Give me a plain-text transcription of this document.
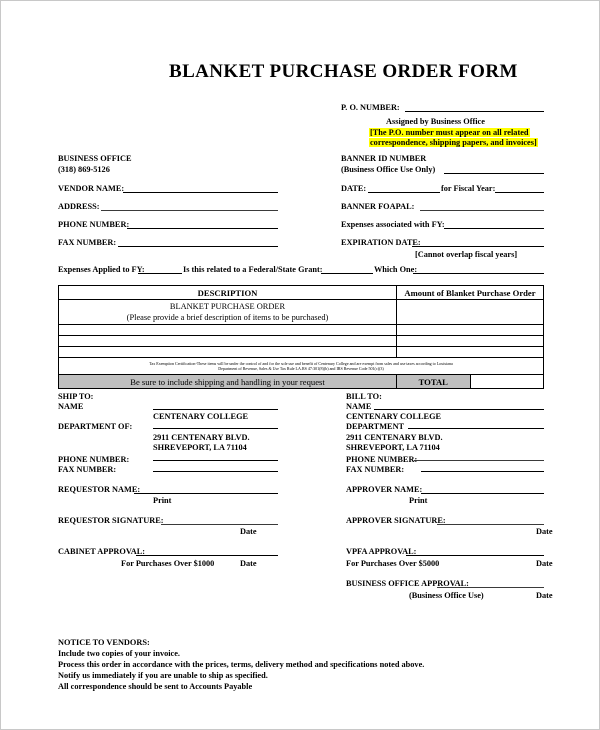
BLANKET PURCHASE ORDER FORM
P. O. NUMBER:
Assigned by Business Office
[The P.O. number must appear on all related
correspondence, shipping papers, and invoices]
BUSINESS OFFICE
(318) 869-5126
BANNER ID NUMBER
(Business Office Use Only)
VENDOR NAME:	DATE:	for Fiscal Year:
ADDRESS:	BANNER FOAPAL:
PHONE NUMBER:	Expenses associated with FY:
FAX NUMBER:	EXPIRATION DATE:
[Cannot overlap fiscal years]
Expenses Applied to FY:	Is this related to a Federal/State Grant:	Which One:
DESCRIPTION	Amount of Blanket Purchase Order	

BLANKET PURCHASE ORDER
(Please provide a brief description of items to be purchased)		

Tax Exemption Certification-These items will be under the control of and for the sole use and benefit of Centenary College and are exempt from sales and use taxes according to Louisiana
Department of Revenue, Sales & Use Tax Rule LA.RS 47:301(8)(b) and IRS Revenue Code 501(c)(3)		

Be sure to include shipping and handling in your request	TOTAL	
SHIP TO:
NAME
CENTENARY COLLEGE
DEPARTMENT OF:
2911 CENTENARY BLVD.
SHREVEPORT, LA 71104
PHONE NUMBER:
FAX NUMBER:
BILL TO:
NAME
CENTENARY COLLEGE
DEPARTMENT
2911 CENTENARY BLVD.
SHREVEPORT, LA 71104
PHONE NUMBER:
FAX NUMBER:
REQUESTOR NAME:
Print
APPROVER NAME:
Print
REQUESTOR SIGNATURE:
Date
APPROVER SIGNATURE:
Date
CABINET APPROVAL:
For Purchases Over $1000	Date
VPFA APPROVAL:
For Purchases Over $5000	Date
BUSINESS OFFICE APPROVAL:
(Business Office Use)	Date
NOTICE TO VENDORS:
Include two copies of your invoice.
Process this order in accordance with the prices, terms, delivery method and specifications noted above.
Notify us immediately if you are unable to ship as specified.
All correspondence should be sent to Accounts Payable
